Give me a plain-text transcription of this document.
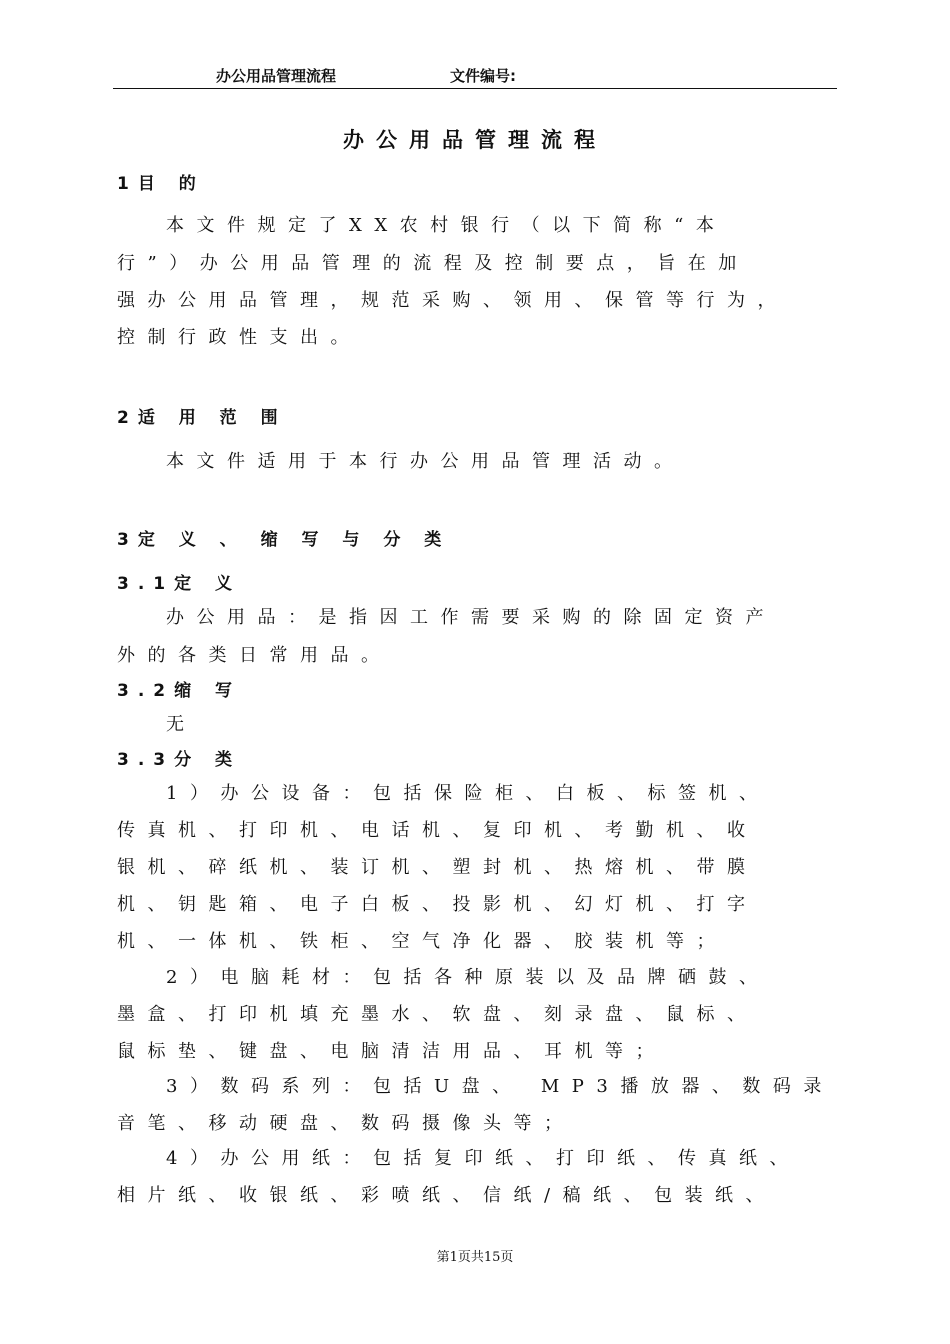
办公用品管理流程	文件编号:
办公用品管理流程
1目 的
本文件规定了XX农村银行（以下简称“本
行”）办公用品管理的流程及控制要点，旨在加
强办公用品管理，规范采购、领用、保管等行为，
控制行政性支出。
2适 用 范 围
本文件适用于本行办公用品管理活动。
3定 义 、 缩 写 与 分 类
3.1定 义
办公用品：是指因工作需要采购的除固定资产
外的各类日常用品。
3.2缩 写
无
3.3分 类
1）办公设备：包括保险柜、白板、标签机、
传真机、打印机、电话机、复印机、考勤机、收
银机、碎纸机、装订机、塑封机、热熔机、带膜
机、钥匙箱、电子白板、投影机、幻灯机、打字
机、一体机、铁柜、空气净化器、胶装机等；
2）电脑耗材：包括各种原装以及品牌硒鼓、
墨盒、打印机填充墨水、软盘、刻录盘、鼠标、
鼠标垫、键盘、电脑清洁用品、耳机等；
3）数码系列：包括U盘、 MP3播放器、数码录
音笔、移动硬盘、数码摄像头等；
4）办公用纸：包括复印纸、打印纸、传真纸、
相片纸、收银纸、彩喷纸、信纸/稿纸、包装纸、
第1页共15页
